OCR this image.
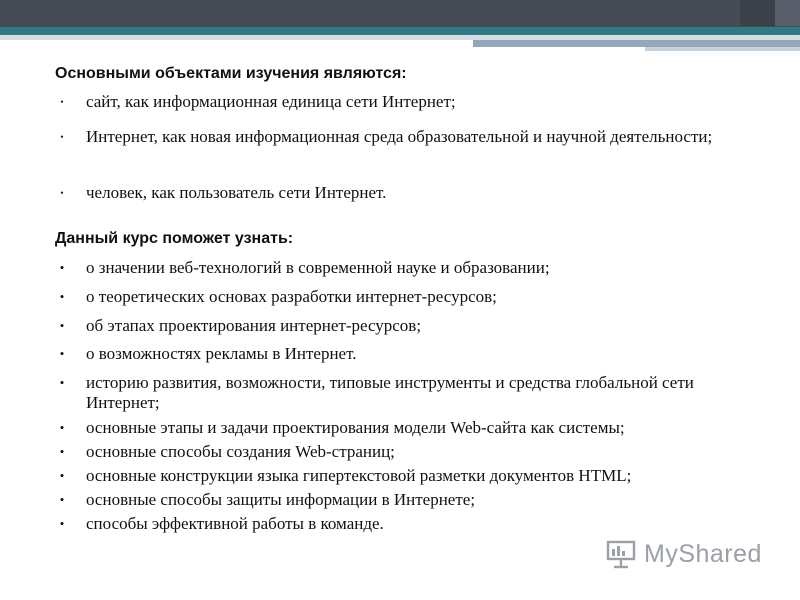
Основными объектами изучения являются:
•	сайт, как информационная единица сети Интернет;
•	Интернет, как новая информационная среда образовательной и научной деятельности;
•	человек, как пользователь сети Интернет.
Данный курс поможет узнать:
• о значении веб-технологий в современной науке и образовании;
• о теоретических основах разработки интернет-ресурсов;
• об этапах проектирования интернет-ресурсов;
• о возможностях рекламы в Интернет.
• историю развития, возможности, типовые инструменты и средства глобальной сети Интернет;
• основные этапы и задачи проектирования модели Web-сайта как системы;
• основные способы создания Web-страниц;
• основные конструкции языка гипертекстовой разметки документов HTML;
• основные способы защиты информации в Интернете;
• способы эффективной работы в команде.
MyShared
